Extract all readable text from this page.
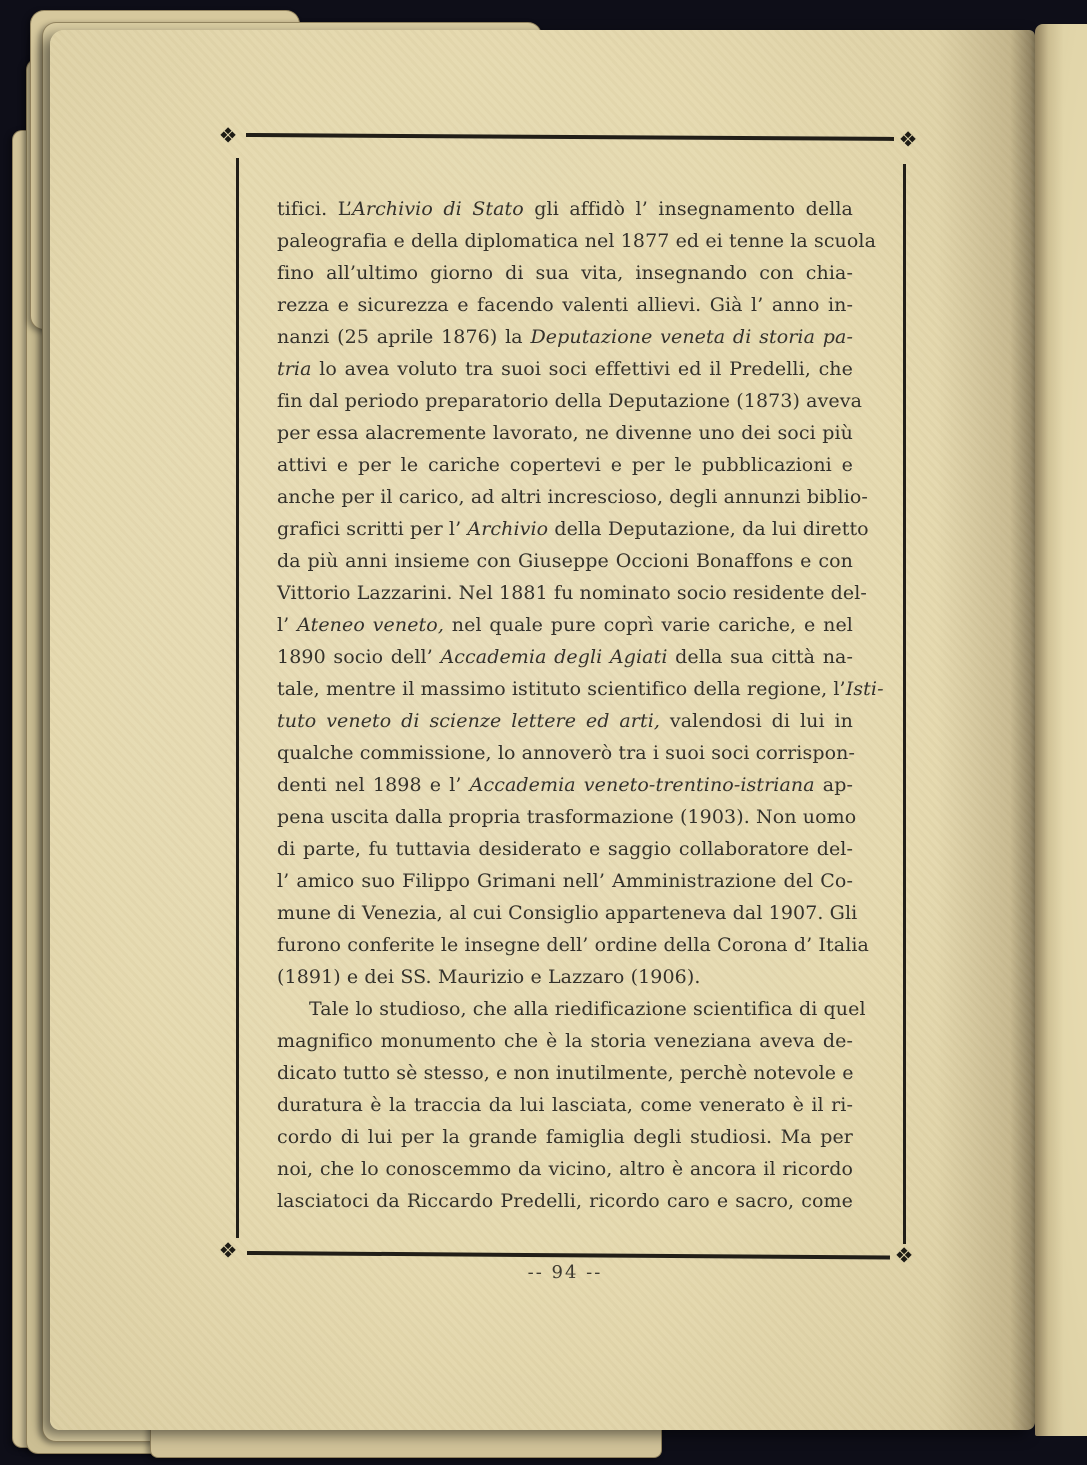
❖	❖
❖	❖
tifici. L’Archivio di Stato gli affidò l’ insegnamento della
paleografia e della diplomatica nel 1877 ed ei tenne la scuola
fino all’ultimo giorno di sua vita, insegnando con chia-
rezza e sicurezza e facendo valenti allievi. Già l’ anno in-
nanzi (25 aprile 1876) la Deputazione veneta di storia pa-
tria lo avea voluto tra suoi soci effettivi ed il Predelli, che
fin dal periodo preparatorio della Deputazione (1873) aveva
per essa alacremente lavorato, ne divenne uno dei soci più
attivi e per le cariche copertevi e per le pubblicazioni e
anche per il carico, ad altri increscioso, degli annunzi biblio-
grafici scritti per l’ Archivio della Deputazione, da lui diretto
da più anni insieme con Giuseppe Occioni Bonaffons e con
Vittorio Lazzarini. Nel 1881 fu nominato socio residente del-
l’ Ateneo veneto, nel quale pure coprì varie cariche, e nel
1890 socio dell’ Accademia degli Agiati della sua città na-
tale, mentre il massimo istituto scientifico della regione, l’Isti-
tuto veneto di scienze lettere ed arti, valendosi di lui in
qualche commissione, lo annoverò tra i suoi soci corrispon-
denti nel 1898 e l’ Accademia veneto-trentino-istriana ap-
pena uscita dalla propria trasformazione (1903). Non uomo
di parte, fu tuttavia desiderato e saggio collaboratore del-
l’ amico suo Filippo Grimani nell’ Amministrazione del Co-
mune di Venezia, al cui Consiglio apparteneva dal 1907. Gli
furono conferite le insegne dell’ ordine della Corona d’ Italia
(1891) e dei SS. Maurizio e Lazzaro (1906).
Tale lo studioso, che alla riedificazione scientifica di quel
magnifico monumento che è la storia veneziana aveva de-
dicato tutto sè stesso, e non inutilmente, perchè notevole e
duratura è la traccia da lui lasciata, come venerato è il ri-
cordo di lui per la grande famiglia degli studiosi. Ma per
noi, che lo conoscemmo da vicino, altro è ancora il ricordo
lasciatoci da Riccardo Predelli, ricordo caro e sacro, come
-- 94 --
